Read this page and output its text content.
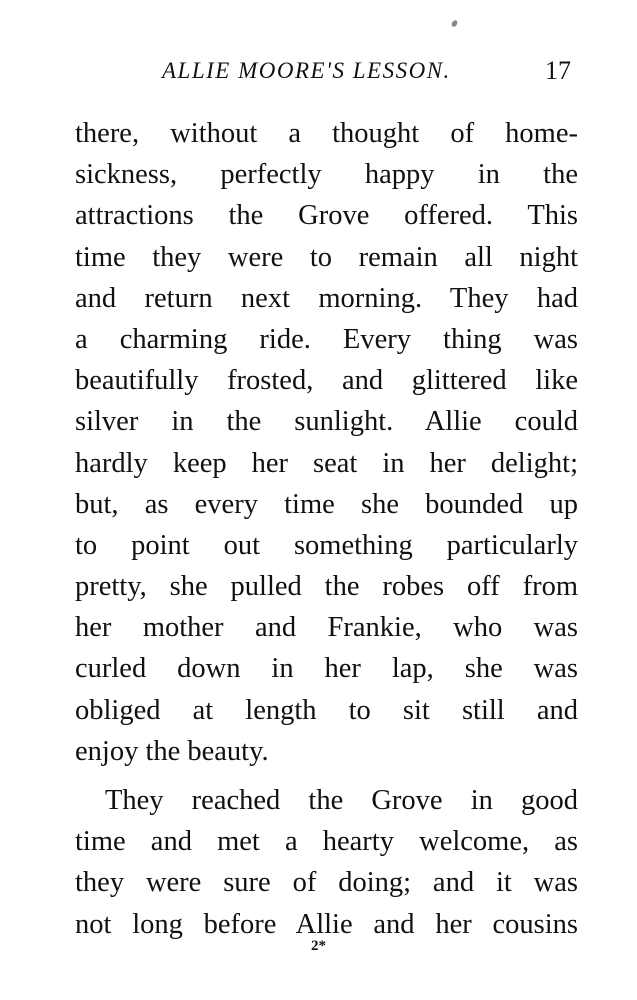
ALLIE MOORE'S LESSON.	17
there, without a thought of home-
sickness, perfectly happy in the
attractions the Grove offered. This
time they were to remain all night
and return next morning. They had
a charming ride. Every thing was
beautifully frosted, and glittered like
silver in the sunlight. Allie could
hardly keep her seat in her delight;
but, as every time she bounded up
to point out something particularly
pretty, she pulled the robes off from
her mother and Frankie, who was
curled down in her lap, she was
obliged at length to sit still and
enjoy the beauty.
They reached the Grove in good
time and met a hearty welcome, as
they were sure of doing; and it was
not long before Allie and her cousins
2*
